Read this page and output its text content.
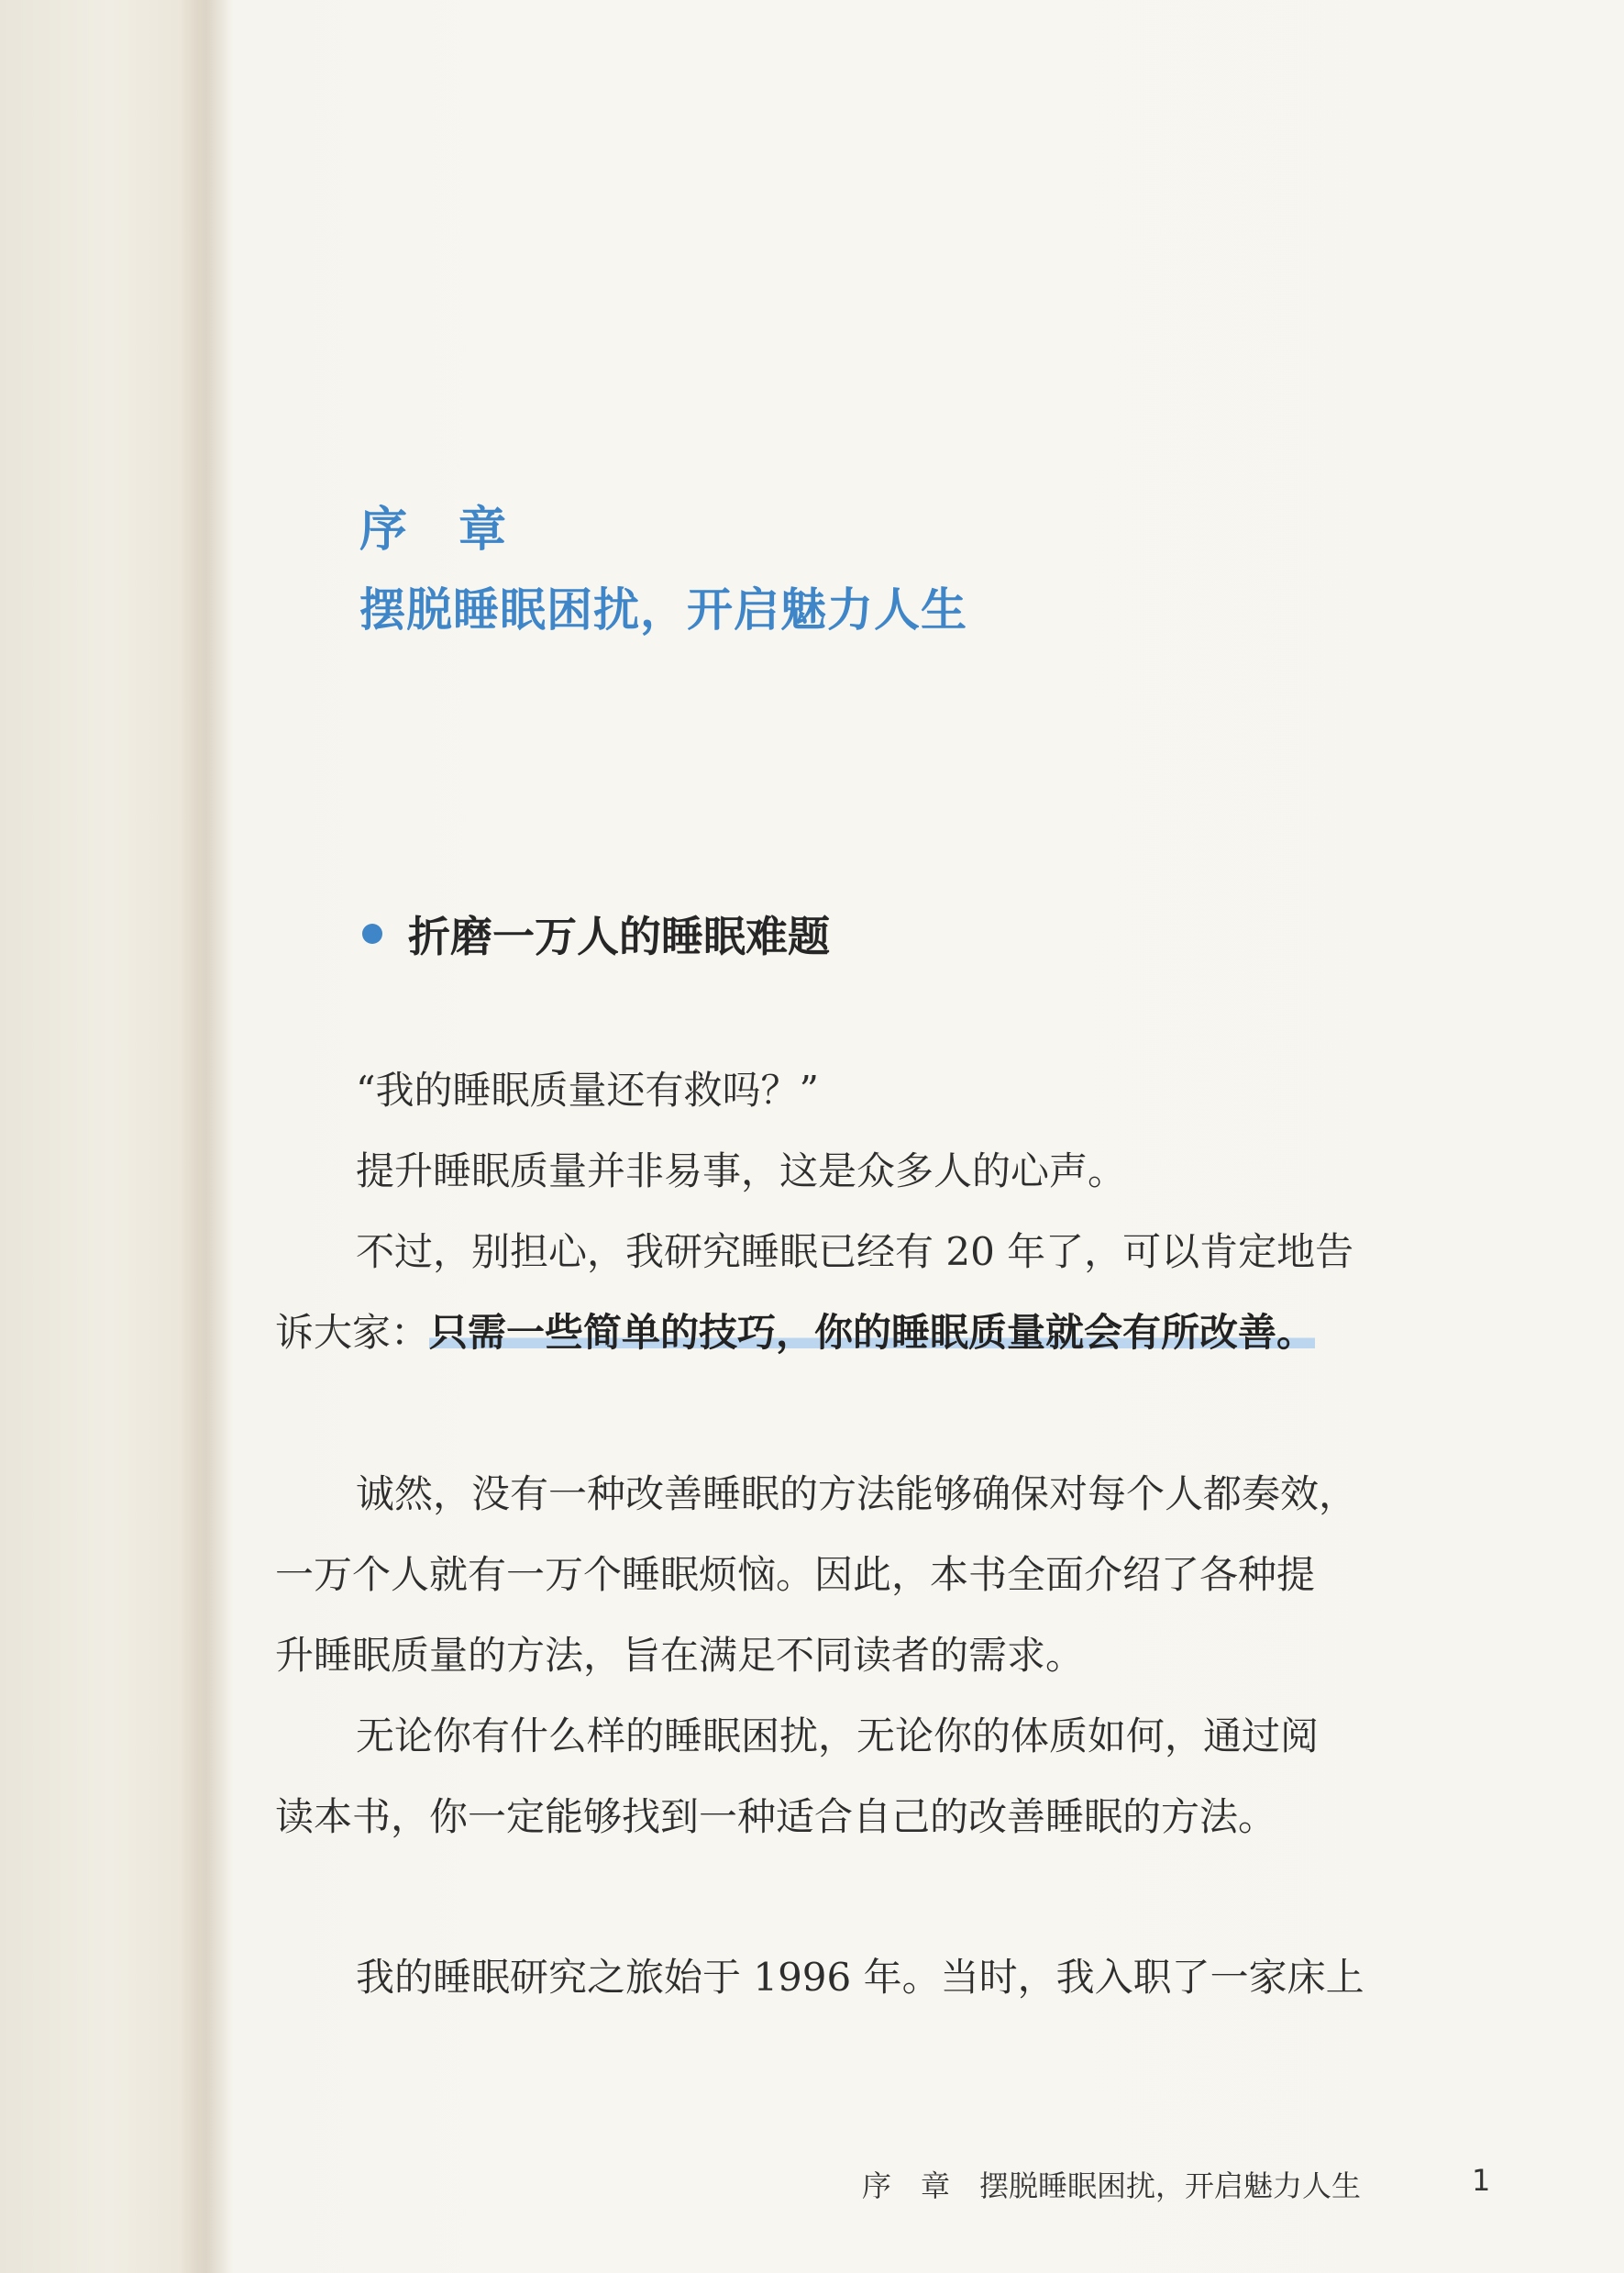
序　章
摆脱睡眠困扰，开启魅力人生
折磨一万人的睡眠难题
“我的睡眠质量还有救吗？”
提升睡眠质量并非易事，这是众多人的心声。
不过，别担心，我研究睡眠已经有 20 年了，可以肯定地告
诉大家：只需一些简单的技巧，你的睡眠质量就会有所改善。
诚然，没有一种改善睡眠的方法能够确保对每个人都奏效，
一万个人就有一万个睡眠烦恼。因此，本书全面介绍了各种提
升睡眠质量的方法，旨在满足不同读者的需求。
无论你有什么样的睡眠困扰，无论你的体质如何，通过阅
读本书，你一定能够找到一种适合自己的改善睡眠的方法。
我的睡眠研究之旅始于 1996 年。当时，我入职了一家床上
序　章　摆脱睡眠困扰，开启魅力人生	1
